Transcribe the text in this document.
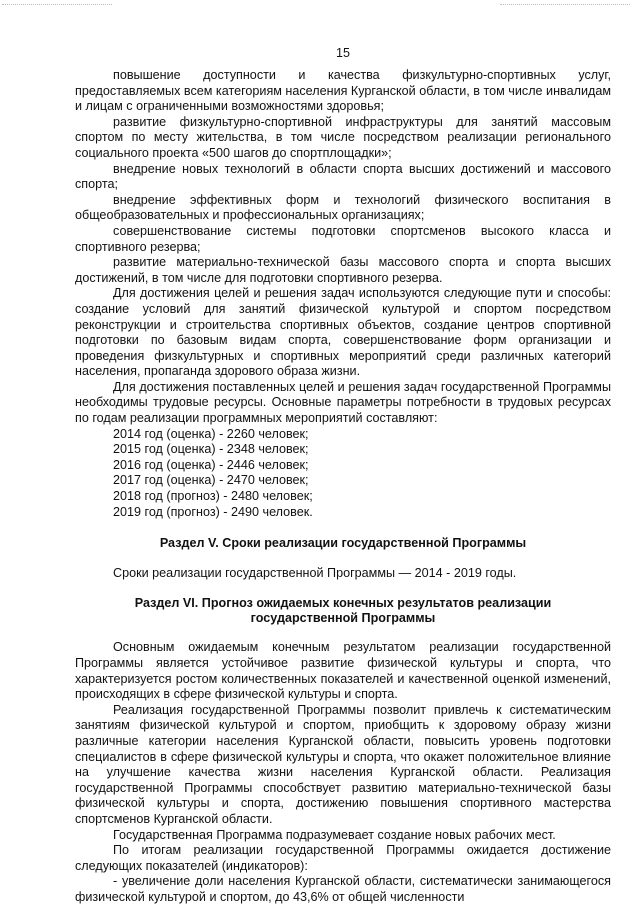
15

повышение доступности и качества физкультурно-спортивных услуг, предоставляемых всем категориям населения Курганской области, в том числе инвалидам и лицам с ограниченными возможностями здоровья;

развитие физкультурно-спортивной инфраструктуры для занятий массовым спортом по месту жительства, в том числе посредством реализации регионального социального проекта «500 шагов до спортплощадки»;

внедрение новых технологий в области спорта высших достижений и массового спорта;

внедрение эффективных форм и технологий физического воспитания в общеобразовательных и профессиональных организациях;

совершенствование системы подготовки спортсменов высокого класса и спортивного резерва;

развитие материально-технической базы массового спорта и спорта высших достижений, в том числе для подготовки спортивного резерва.

Для достижения целей и решения задач используются следующие пути и способы: создание условий для занятий физической культурой и спортом посредством реконструкции и строительства спортивных объектов, создание центров спортивной подготовки по базовым видам спорта, совершенствование форм организации и проведения физкультурных и спортивных мероприятий среди различных категорий населения, пропаганда здорового образа жизни.

Для достижения поставленных целей и решения задач государственной Программы необходимы трудовые ресурсы. Основные параметры потребности в трудовых ресурсах по годам реализации программных мероприятий составляют:

2014 год (оценка) - 2260 человек;

2015 год (оценка) - 2348 человек;

2016 год (оценка) - 2446 человек;

2017 год (оценка) - 2470 человек;

2018 год (прогноз) - 2480 человек;

2019 год (прогноз) - 2490 человек.

Раздел V. Сроки реализации государственной Программы

Сроки реализации государственной Программы — 2014 - 2019 годы.

Раздел VI. Прогноз ожидаемых конечных результатов реализации
государственной Программы

Основным ожидаемым конечным результатом реализации государственной Программы является устойчивое развитие физической культуры и спорта, что характеризуется ростом количественных показателей и качественной оценкой изменений, происходящих в сфере физической культуры и спорта.

Реализация государственной Программы позволит привлечь к систематическим занятиям физической культурой и спортом, приобщить к здоровому образу жизни различные категории населения Курганской области, повысить уровень подготовки специалистов в сфере физической культуры и спорта, что окажет положительное влияние на улучшение качества жизни населения Курганской области. Реализация государственной Программы способствует развитию материально-технической базы физической культуры и спорта, достижению повышения спортивного мастерства спортсменов Курганской области.

Государственная Программа подразумевает создание новых рабочих мест.

По итогам реализации государственной Программы ожидается достижение следующих показателей (индикаторов):

- увеличение доли населения Курганской области, систематически занимающегося физической культурой и спортом, до 43,6% от общей численности
